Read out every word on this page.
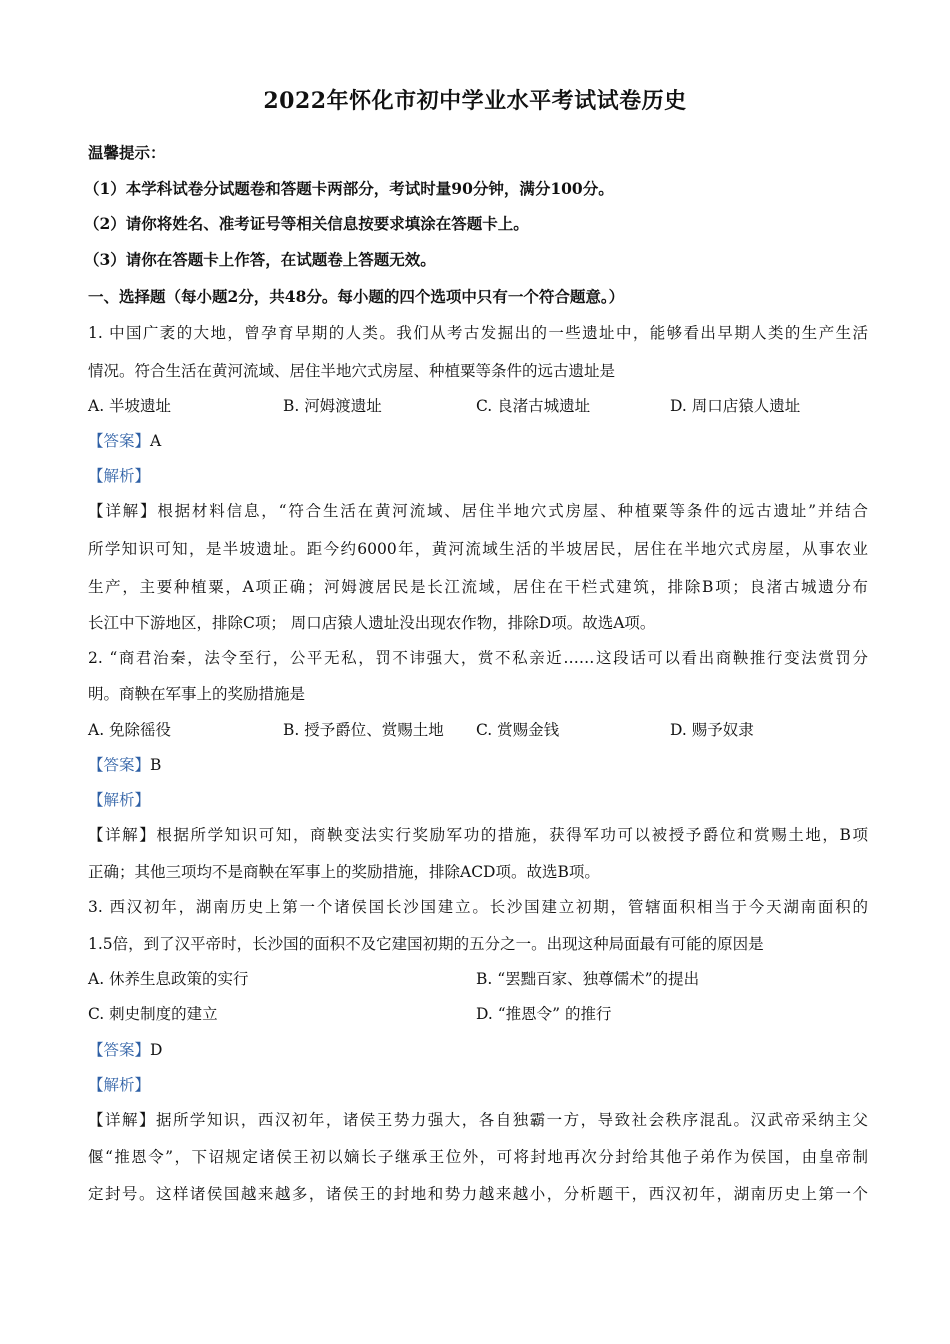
2022年怀化市初中学业水平考试试卷历史
温馨提示：
（1）本学科试卷分试题卷和答题卡两部分，考试时量90分钟，满分100分。
（2）请你将姓名、准考证号等相关信息按要求填涂在答题卡上。
（3）请你在答题卡上作答，在试题卷上答题无效。
一、选择题（每小题2分，共48分。每小题的四个选项中只有一个符合题意。）
1. 中国广袤的大地，曾孕育早期的人类。我们从考古发掘出的一些遗址中，能够看出早期人类的生产生活
情况。符合生活在黄河流域、居住半地穴式房屋、种植粟等条件的远古遗址是
A. 半坡遗址	B. 河姆渡遗址	C. 良渚古城遗址	D. 周口店猿人遗址
【答案】A
【解析】
【详解】根据材料信息，“符合生活在黄河流域、居住半地穴式房屋、种植粟等条件的远古遗址”并结合
所学知识可知，是半坡遗址。距今约6000年，黄河流域生活的半坡居民，居住在半地穴式房屋，从事农业
生产，主要种植粟，A项正确；河姆渡居民是长江流域，居住在干栏式建筑，排除B项；良渚古城遗分布
长江中下游地区，排除C项； 周口店猿人遗址没出现农作物，排除D项。故选A项。
2. “商君治秦，法令至行，公平无私，罚不讳强大，赏不私亲近……这段话可以看出商鞅推行变法赏罚分
明。商鞅在军事上的奖励措施是
A. 免除徭役	B. 授予爵位、赏赐土地 C. 赏赐金钱	D. 赐予奴隶
【答案】B
【解析】
【详解】根据所学知识可知，商鞅变法实行奖励军功的措施，获得军功可以被授予爵位和赏赐土地，B项
正确；其他三项均不是商鞅在军事上的奖励措施，排除ACD项。故选B项。
3. 西汉初年，湖南历史上第一个诸侯国长沙国建立。长沙国建立初期，管辖面积相当于今天湖南面积的
1.5倍，到了汉平帝时，长沙国的面积不及它建国初期的五分之一。出现这种局面最有可能的原因是
A. 休养生息政策的实行	B. “罢黜百家、独尊儒术”的提出
C. 刺史制度的建立	D. “推恩令” 的推行
【答案】D
【解析】
【详解】据所学知识，西汉初年，诸侯王势力强大，各自独霸一方，导致社会秩序混乱。汉武帝采纳主父
偃“推恩令”，下诏规定诸侯王初以嫡长子继承王位外，可将封地再次分封给其他子弟作为侯国，由皇帝制
定封号。这样诸侯国越来越多，诸侯王的封地和势力越来越小，分析题干，西汉初年，湖南历史上第一个
